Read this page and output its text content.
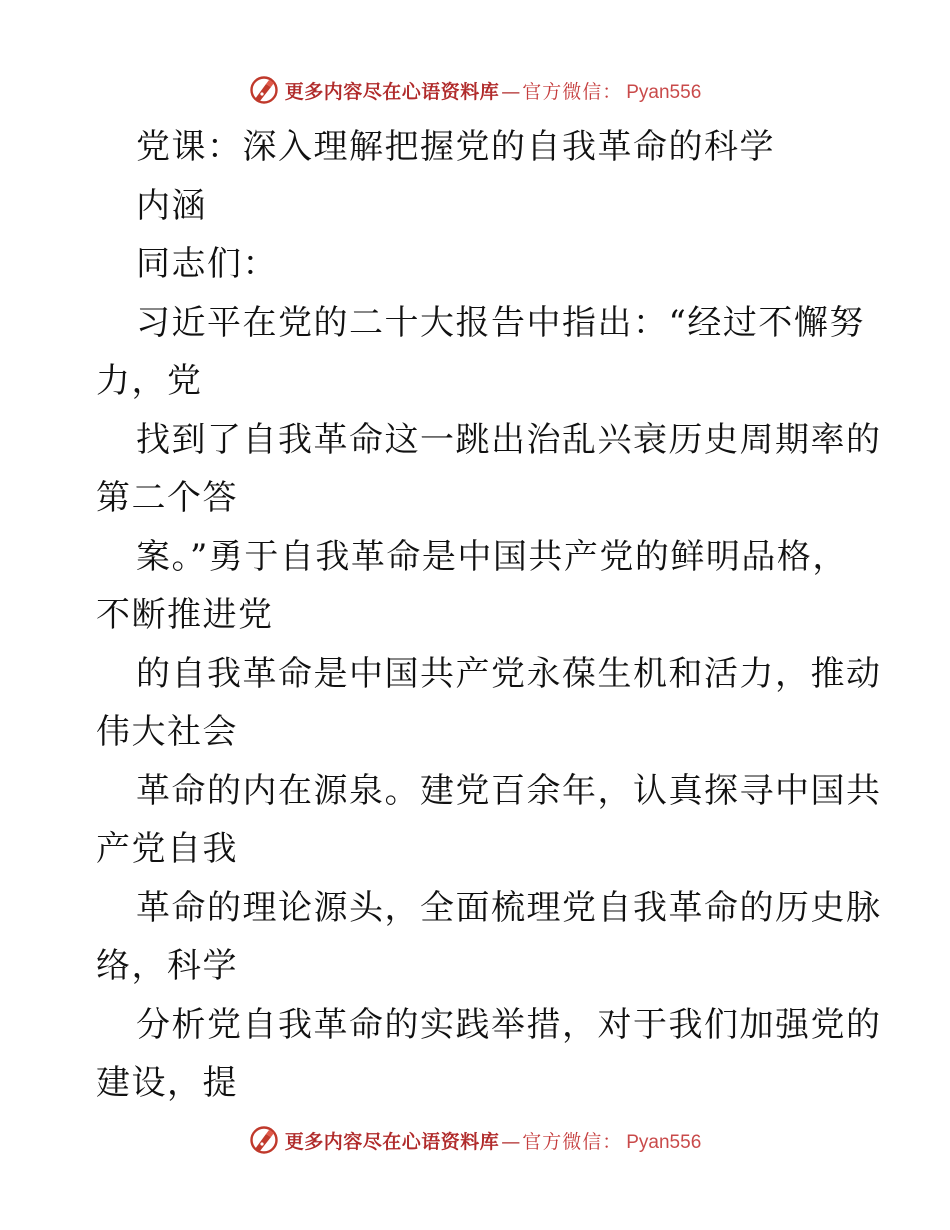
更多内容尽在心语资料库 — 官方微信： Pyan556
党课：深入理解把握党的自我革命的科学
内涵
同志们：
习近平在党的二十大报告中指出：“经过不懈努
力，党
找到了自我革命这一跳出治乱兴衰历史周期率的
第二个答
案。”勇于自我革命是中国共产党的鲜明品格，
不断推进党
的自我革命是中国共产党永葆生机和活力，推动
伟大社会
革命的内在源泉。建党百余年，认真探寻中国共
产党自我
革命的理论源头，全面梳理党自我革命的历史脉
络，科学
分析党自我革命的实践举措，对于我们加强党的
建设，提
更多内容尽在心语资料库 — 官方微信： Pyan556
